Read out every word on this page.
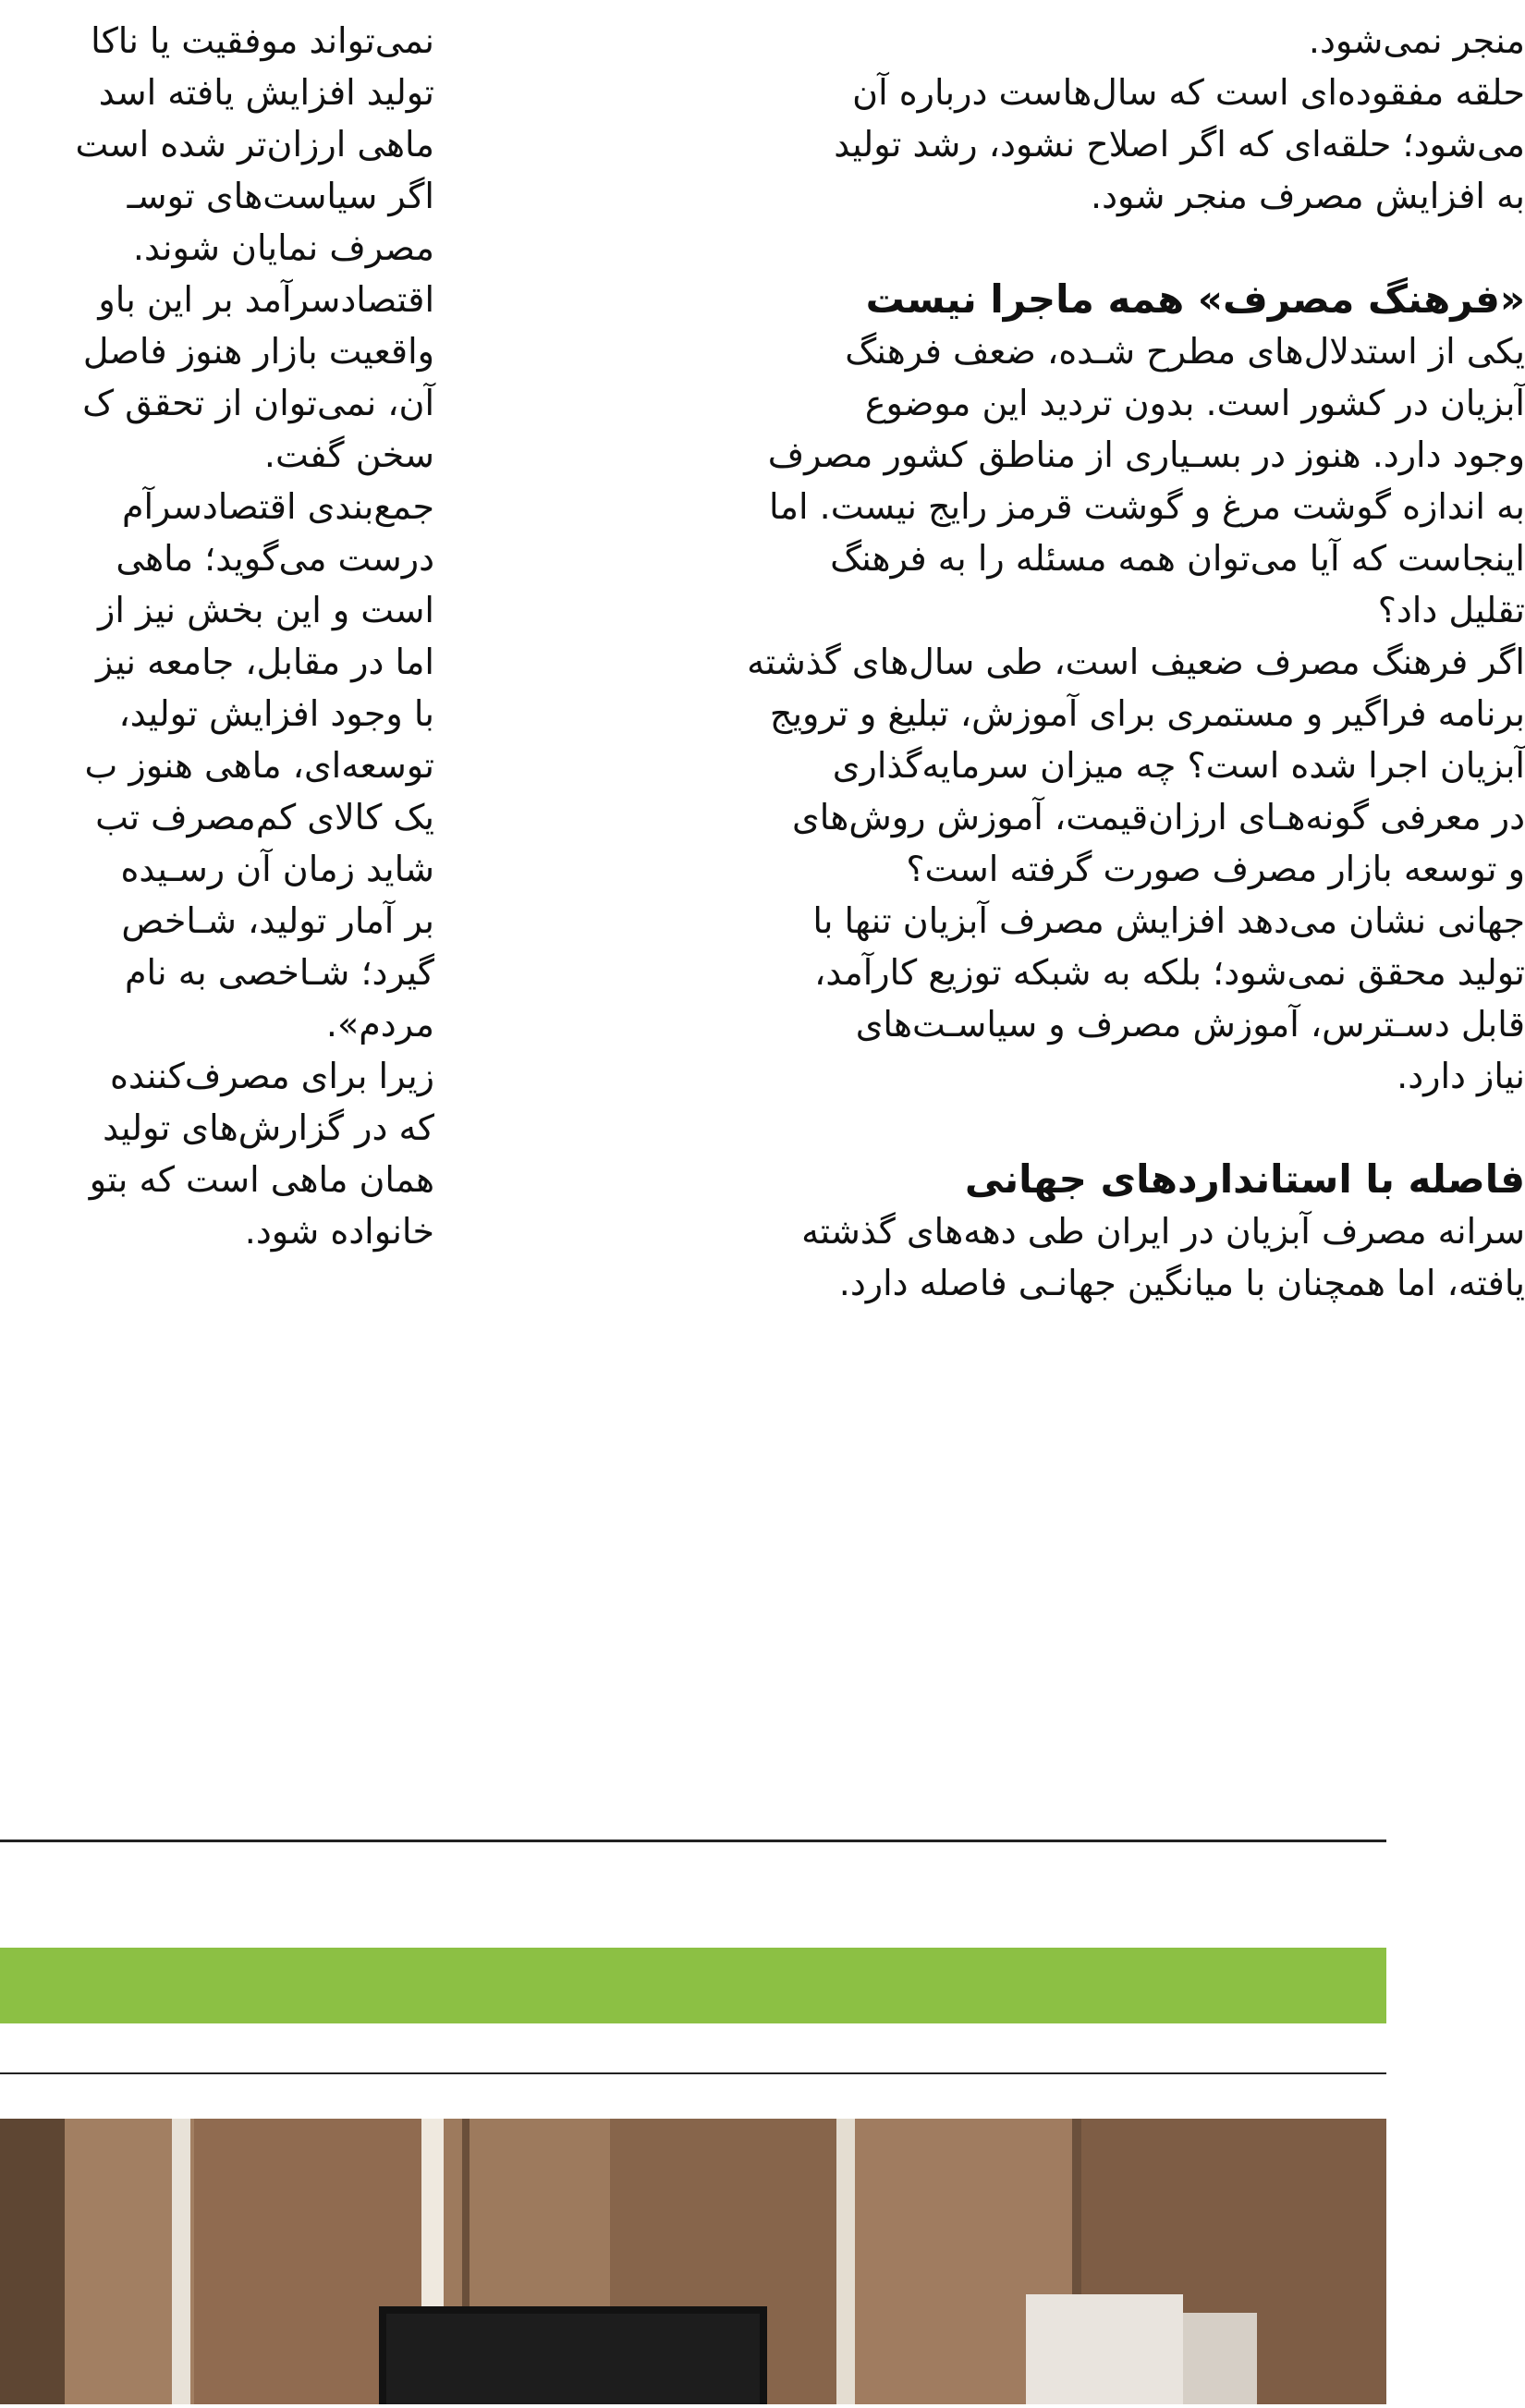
نمی‌تواند موفقیت یا ناکا
تولید افزایش یافته اسد
ماهی ارزان‌تر شده است
اگر سیاست‌های توسـ
مصرف نمایان شوند.
اقتصادسرآمد بر این باو
واقعیت بازار هنوز فاصل
آن، نمی‌توان از تحقق ک
سخن گفت.
جمع‌بندی اقتصادسرآم
درست می‌گوید؛ ماهی
است و این بخش نیز از
اما در مقابل، جامعه نیز
با وجود افزایش تولید،
توسعه‌ای، ماهی هنوز ب
یک کالای کم‌مصرف تب
شاید زمان آن رسـیده
بر آمار تولید، شـاخص
گیرد؛ شـاخصی به نام
مردم».
زیرا برای مصرف‌کننده
که در گزارش‌های تولید
همان ماهی است که بتو
خانواده شود.
منجر نمی‌شود.
حلقه مفقوده‌ای است که سال‌هاست درباره آن
می‌شود؛ حلقه‌ای که اگر اصلاح نشود، رشد تولید
به افزایش مصرف منجر شود.
«فرهنگ مصرف» همه ماجرا نیست
یکی از استدلال‌های مطرح شـده، ضعف فرهنگ
آبزیان در کشور است. بدون تردید این موضوع
وجود دارد. هنوز در بسـیاری از مناطق کشور مصرف
به اندازه گوشت مرغ و گوشت قرمز رایج نیست. اما
اینجاست که آیا می‌توان همه مسئله را به فرهنگ
تقلیل داد؟
اگر فرهنگ مصرف ضعیف است، طی سال‌های گذشته
برنامه فراگیر و مستمری برای آموزش، تبلیغ و ترویج
آبزیان اجرا شده است؟ چه میزان سرمایه‌گذاری
در معرفی گونه‌هـای ارزان‌قیمت، آموزش روش‌های
و توسعه بازار مصرف صورت گرفته است؟
جهانی نشان می‌دهد افزایش مصرف آبزیان تنها با
تولید محقق نمی‌شود؛ بلکه به شبکه توزیع کارآمد،
قابل دسـترس، آموزش مصرف و سیاسـت‌های
نیاز دارد.
فاصله با استانداردهای جهانی
سرانه مصرف آبزیان در ایران طی دهه‌های گذشته
یافته، اما همچنان با میانگین جهانـی فاصله دارد.
